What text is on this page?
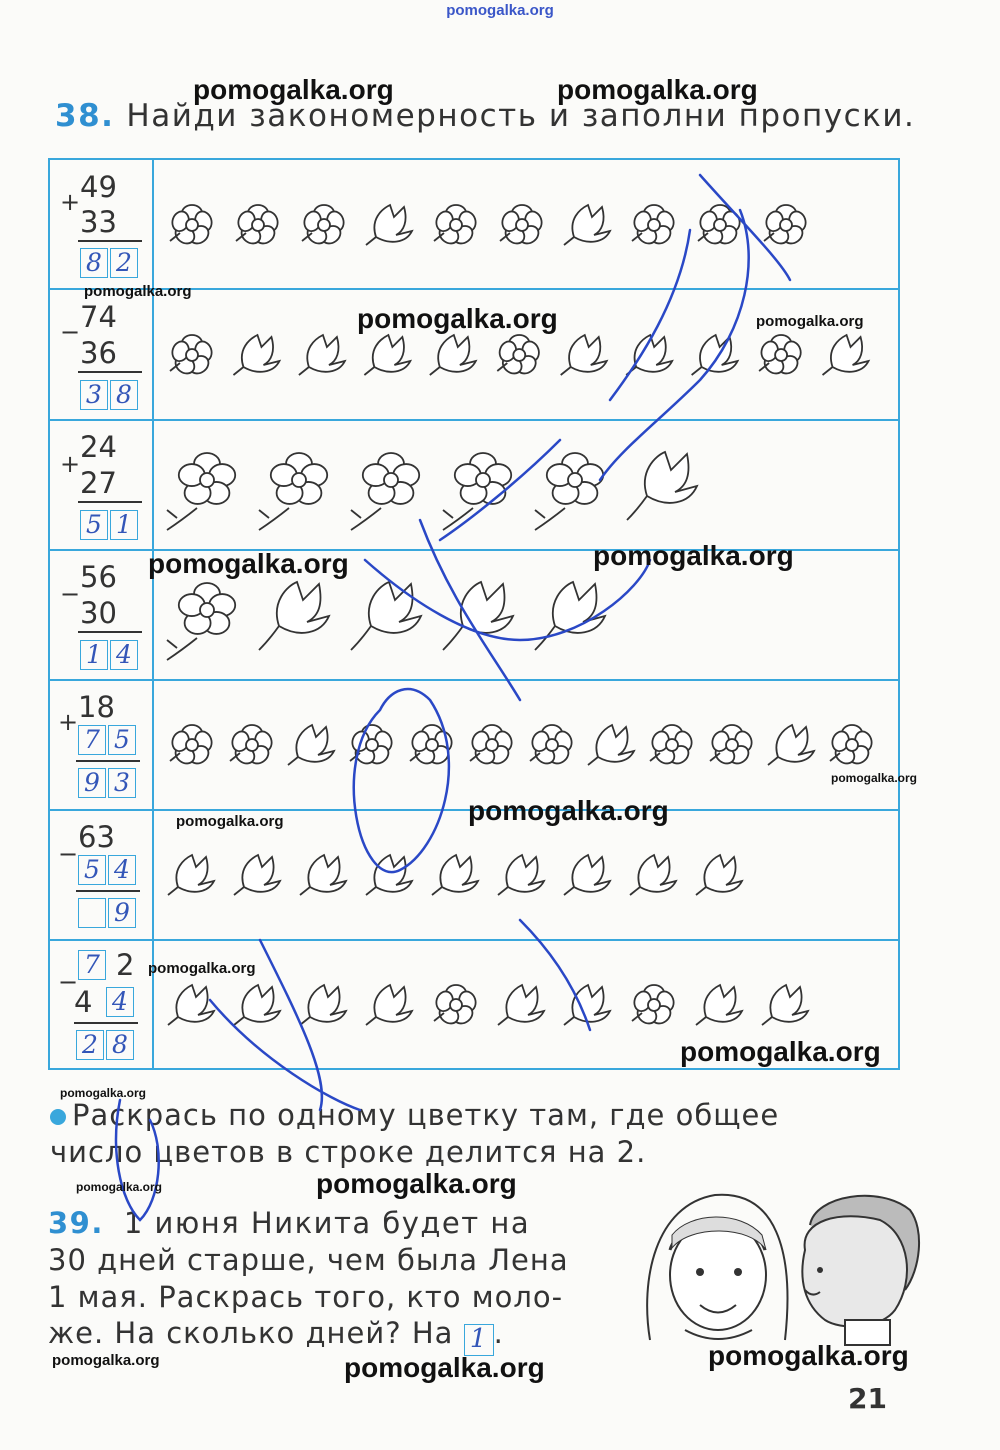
pomogalka.org
38. Найди закономерность и заполни пропуски.
+ 49
33
8 2
− 74
36
3 8
+ 24
27
5 1
− 56
30
1 4
+ 18
7 5
9 3
− 63
5 4
9
−
7 2
4 4
2 8
Раскрась по одному цветку там, где общее
число цветов в строке делится на 2.
39. 1 июня Никита будет на
30 дней старше, чем была Лена
1 мая. Раскрась того, кто моло-
же. На сколько дней? На 1 .
21
pomogalka.org	pomogalka.org
pomogalka.org
pomogalka.org	pomogalka.org
pomogalka.org
pomogalka.org
pomogalka.org
pomogalka.org
pomogalka.org
pomogalka.org
pomogalka.org
pomogalka.org
pomogalka.org	pomogalka.org
pomogalka.org	pomogalka.org	pomogalka.org
